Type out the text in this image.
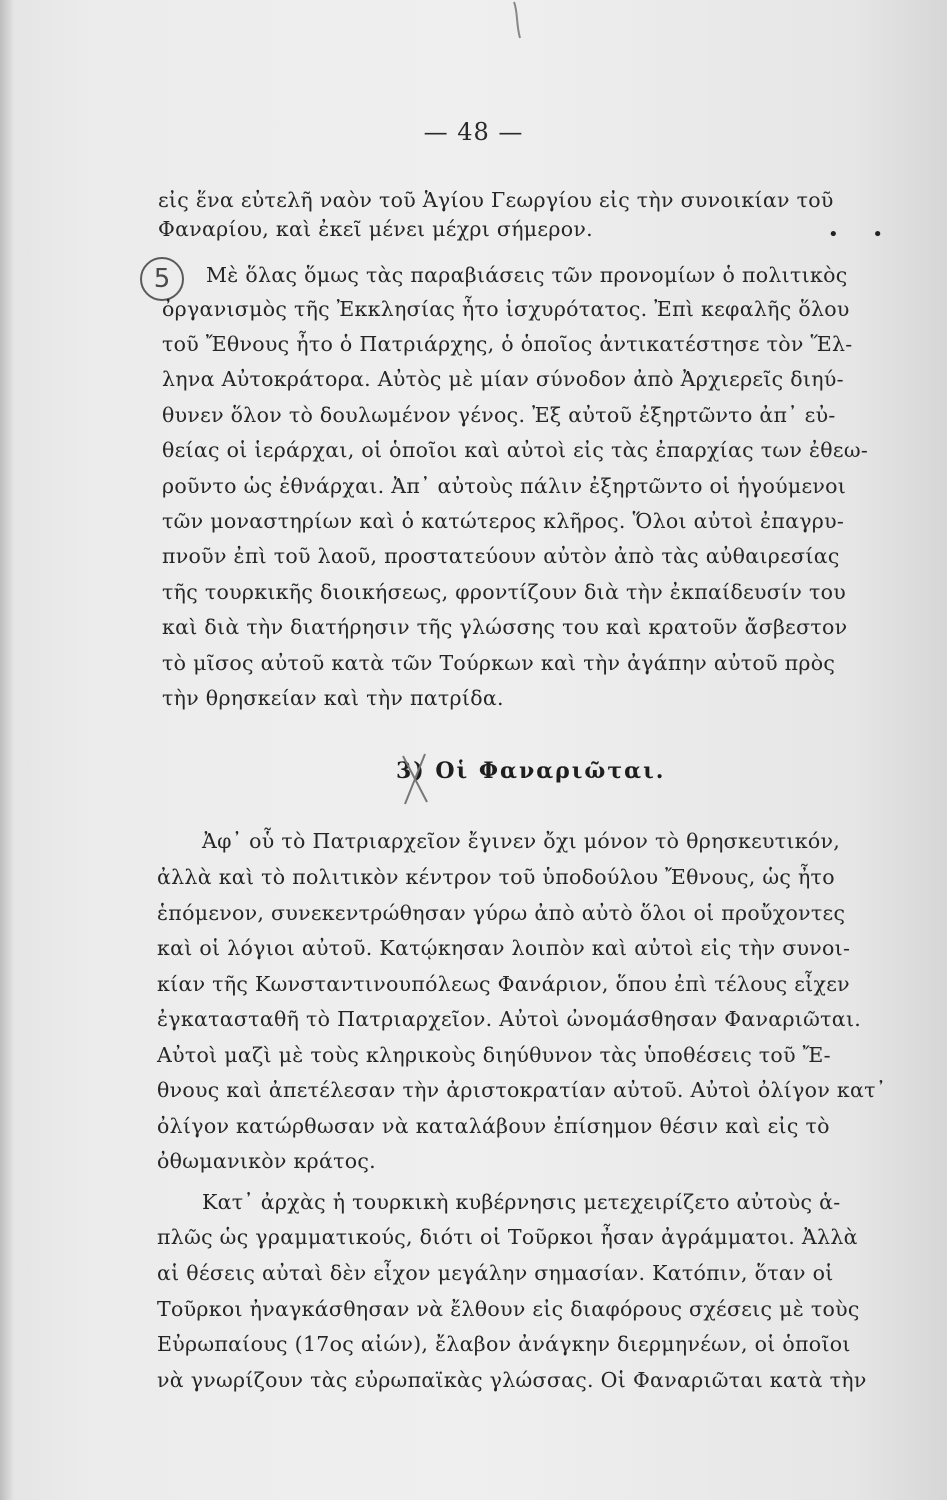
— 48 —
• •
5
εἰς ἕνα εὐτελῆ ναὸν τοῦ Ἁγίου Γεωργίου εἰς τὴν συνοικίαν τοῦ
Φαναρίου, καὶ ἐκεῖ μένει μέχρι σήμερον.
Μὲ ὅλας ὅμως τὰς παραβιάσεις τῶν προνομίων ὁ πολιτικὸς
ὀργανισμὸς τῆς Ἐκκλησίας ἦτο ἰσχυρότατος. Ἐπὶ κεφαλῆς ὅλου
τοῦ Ἔθνους ἦτο ὁ Πατριάρχης, ὁ ὁποῖος ἀντικατέστησε τὸν Ἕλ-
ληνα Αὐτοκράτορα. Αὐτὸς μὲ μίαν σύνοδον ἀπὸ Ἀρχιερεῖς διηύ-
θυνεν ὅλον τὸ δουλωμένον γένος. Ἐξ αὐτοῦ ἐξηρτῶντο ἀπ᾿ εὐ-
θείας οἱ ἱεράρχαι, οἱ ὁποῖοι καὶ αὐτοὶ εἰς τὰς ἐπαρχίας των ἐθεω-
ροῦντο ὡς ἐθνάρχαι. Ἀπ᾿ αὐτοὺς πάλιν ἐξηρτῶντο οἱ ἡγούμενοι
τῶν μοναστηρίων καὶ ὁ κατώτερος κλῆρος. Ὅλοι αὐτοὶ ἐπαγρυ-
πνοῦν ἐπὶ τοῦ λαοῦ, προστατεύουν αὐτὸν ἀπὸ τὰς αὐθαιρεσίας
τῆς τουρκικῆς διοικήσεως, φροντίζουν διὰ τὴν ἐκπαίδευσίν του
καὶ διὰ τὴν διατήρησιν τῆς γλώσσης του καὶ κρατοῦν ἄσβεστον
τὸ μῖσος αὐτοῦ κατὰ τῶν Τούρκων καὶ τὴν ἀγάπην αὐτοῦ πρὸς
τὴν θρησκείαν καὶ τὴν πατρίδα.
3) Οἱ Φαναριῶται.
Ἀφ᾿ οὗ τὸ Πατριαρχεῖον ἔγινεν ὄχι μόνον τὸ θρησκευτικόν,
ἀλλὰ καὶ τὸ πολιτικὸν κέντρον τοῦ ὑποδούλου Ἔθνους, ὡς ἦτο
ἑπόμενον, συνεκεντρώθησαν γύρω ἀπὸ αὐτὸ ὅλοι οἱ προὔχοντες
καὶ οἱ λόγιοι αὐτοῦ. Κατῴκησαν λοιπὸν καὶ αὐτοὶ εἰς τὴν συνοι-
κίαν τῆς Κωνσταντινουπόλεως Φανάριον, ὅπου ἐπὶ τέλους εἶχεν
ἐγκατασταθῆ τὸ Πατριαρχεῖον. Αὐτοὶ ὠνομάσθησαν Φαναριῶται.
Αὐτοὶ μαζὶ μὲ τοὺς κληρικοὺς διηύθυνον τὰς ὑποθέσεις τοῦ Ἔ-
θνους καὶ ἀπετέλεσαν τὴν ἀριστοκρατίαν αὐτοῦ. Αὐτοὶ ὀλίγον κατ᾿
ὀλίγον κατώρθωσαν νὰ καταλάβουν ἐπίσημον θέσιν καὶ εἰς τὸ
ὀθωμανικὸν κράτος.
Κατ᾿ ἀρχὰς ἡ τουρκικὴ κυβέρνησις μετεχειρίζετο αὐτοὺς ἁ-
πλῶς ὡς γραμματικούς, διότι οἱ Τοῦρκοι ἦσαν ἀγράμματοι. Ἀλλὰ
αἱ θέσεις αὐταὶ δὲν εἶχον μεγάλην σημασίαν. Κατόπιν, ὅταν οἱ
Τοῦρκοι ἠναγκάσθησαν νὰ ἔλθουν εἰς διαφόρους σχέσεις μὲ τοὺς
Εὐρωπαίους (17ος αἰών), ἔλαβον ἀνάγκην διερμηνέων, οἱ ὁποῖοι
νὰ γνωρίζουν τὰς εὐρωπαϊκὰς γλώσσας. Οἱ Φαναριῶται κατὰ τὴν
